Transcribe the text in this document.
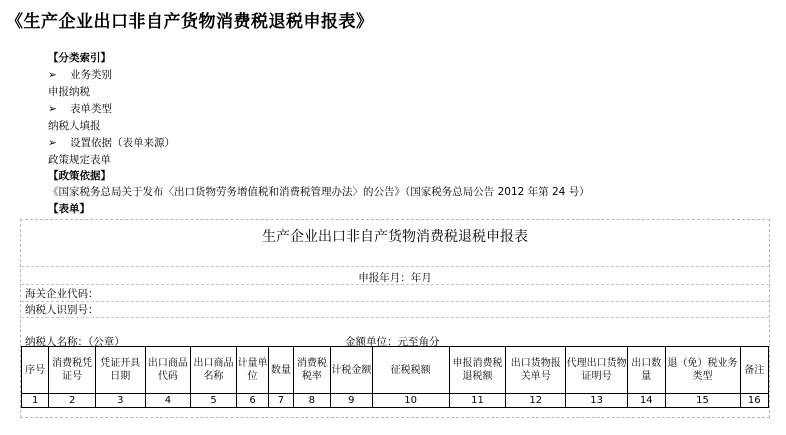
《生产企业出口非自产货物消费税退税申报表》
【分类索引】
➢ 业务类别
申报纳税
➢ 表单类型
纳税人填报
➢ 设置依据（表单来源）
政策规定表单
【政策依据】
《国家税务总局关于发布〈出口货物劳务增值税和消费税管理办法〉的公告》（国家税务总局公告 2012 年第 24 号）
【表单】
生产企业出口非自产货物消费税退税申报表
申报年月：年月
海关企业代码：
纳税人识别号：
纳税人名称：（公章）	金额单位：元至角分
序号	消费税凭证号	凭证开具日期	出口商品代码	出口商品名称	计量单位	数量	消费税税率	计税金额	征税税额	申报消费税退税额	出口货物报关单号	代理出口货物证明号	出口数量	退（免）税业务类型	备注
1	2	3	4	5	6	7	8	9	10	11	12	13	14	15	16
